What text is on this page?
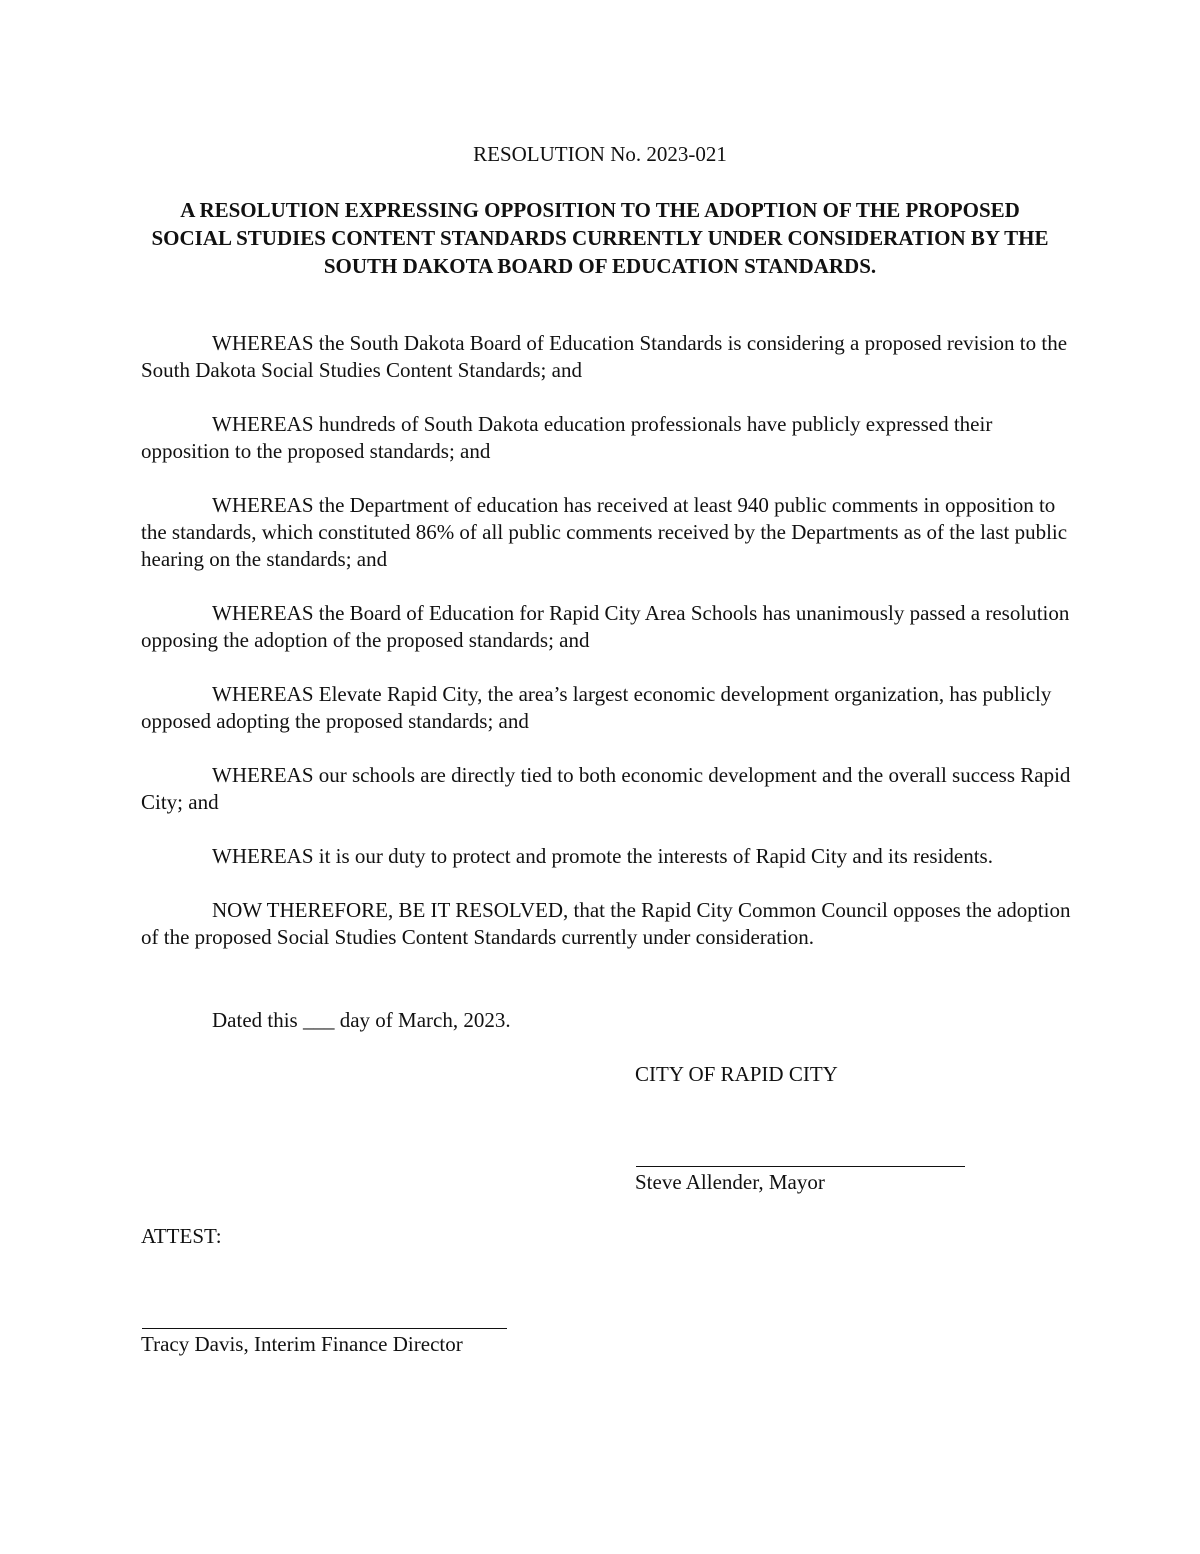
RESOLUTION No. 2023-021
A RESOLUTION EXPRESSING OPPOSITION TO THE ADOPTION OF THE PROPOSED SOCIAL STUDIES CONTENT STANDARDS CURRENTLY UNDER CONSIDERATION BY THE SOUTH DAKOTA BOARD OF EDUCATION STANDARDS.

WHEREAS the South Dakota Board of Education Standards is considering a proposed revision to the South Dakota Social Studies Content Standards; and

WHEREAS hundreds of South Dakota education professionals have publicly expressed their opposition to the proposed standards; and

WHEREAS the Department of education has received at least 940 public comments in opposition to the standards, which constituted 86% of all public comments received by the Departments as of the last public hearing on the standards; and

WHEREAS the Board of Education for Rapid City Area Schools has unanimously passed a resolution opposing the adoption of the proposed standards; and

WHEREAS Elevate Rapid City, the area’s largest economic development organization, has publicly opposed adopting the proposed standards; and

WHEREAS our schools are directly tied to both economic development and the overall success Rapid City; and

WHEREAS it is our duty to protect and promote the interests of Rapid City and its residents.

NOW THEREFORE, BE IT RESOLVED, that the Rapid City Common Council opposes the adoption of the proposed Social Studies Content Standards currently under consideration.

Dated this ___ day of March, 2023.
CITY OF RAPID CITY
Steve Allender, Mayor
ATTEST:
Tracy Davis, Interim Finance Director
